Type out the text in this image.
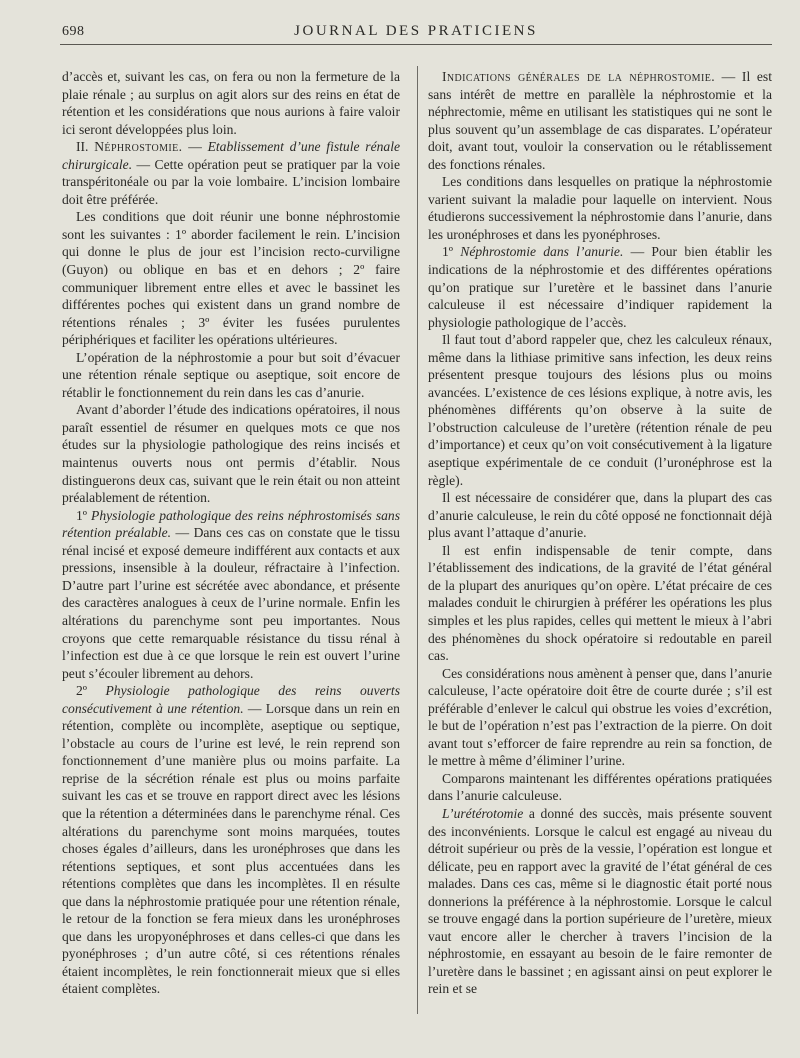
698	JOURNAL DES PRATICIENS

d’accès et, suivant les cas, on fera ou non la fermeture de la plaie rénale ; au surplus on agit alors sur des reins en état de rétention et les considérations que nous aurions à faire valoir ici seront développées plus loin.

II. Néphrostomie. — Etablissement d’une fistule rénale chirurgicale. — Cette opération peut se pratiquer par la voie transpéritonéale ou par la voie lombaire. L’incision lombaire doit être préférée.

Les conditions que doit réunir une bonne néphrostomie sont les suivantes : 1º aborder facilement le rein. L’incision qui donne le plus de jour est l’incision recto-curviligne (Guyon) ou oblique en bas et en dehors ; 2º faire communiquer librement entre elles et avec le bassinet les différentes poches qui existent dans un grand nombre de rétentions rénales ; 3º éviter les fusées purulentes périphériques et faciliter les opérations ultérieures.

L’opération de la néphrostomie a pour but soit d’évacuer une rétention rénale septique ou aseptique, soit encore de rétablir le fonctionnement du rein dans les cas d’anurie.

Avant d’aborder l’étude des indications opératoires, il nous paraît essentiel de résumer en quelques mots ce que nos études sur la physiologie pathologique des reins incisés et maintenus ouverts nous ont permis d’établir. Nous distinguerons deux cas, suivant que le rein était ou non atteint préalablement de rétention.

1º Physiologie pathologique des reins néphrostomisés sans rétention préalable. — Dans ces cas on constate que le tissu rénal incisé et exposé demeure indifférent aux contacts et aux pressions, insensible à la douleur, réfractaire à l’infection. D’autre part l’urine est sécrétée avec abondance, et présente des caractères analogues à ceux de l’urine normale. Enfin les altérations du parenchyme sont peu importantes. Nous croyons que cette remarquable résistance du tissu rénal à l’infection est due à ce que lorsque le rein est ouvert l’urine peut s’écouler librement au dehors.

2º Physiologie pathologique des reins ouverts consécutivement à une rétention. — Lorsque dans un rein en rétention, complète ou incomplète, aseptique ou septique, l’obstacle au cours de l’urine est levé, le rein reprend son fonctionnement d’une manière plus ou moins parfaite. La reprise de la sécrétion rénale est plus ou moins parfaite suivant les cas et se trouve en rapport direct avec les lésions que la rétention a déterminées dans le parenchyme rénal. Ces altérations du parenchyme sont moins marquées, toutes choses égales d’ailleurs, dans les uronéphroses que dans les rétentions septiques, et sont plus accentuées dans les rétentions complètes que dans les incomplètes. Il en résulte que dans la néphrostomie pratiquée pour une rétention rénale, le retour de la fonction se fera mieux dans les uronéphroses que dans les uropyonéphroses et dans celles-ci que dans les pyonéphroses ; d’un autre côté, si ces rétentions rénales étaient incomplètes, le rein fonctionnerait mieux que si elles étaient complètes.

Indications générales de la néphrostomie. — Il est sans intérêt de mettre en parallèle la néphrostomie et la néphrectomie, même en utilisant les statistiques qui ne sont le plus souvent qu’un assemblage de cas disparates. L’opérateur doit, avant tout, vouloir la conservation ou le rétablissement des fonctions rénales.

Les conditions dans lesquelles on pratique la néphrostomie varient suivant la maladie pour laquelle on intervient. Nous étudierons successivement la néphrostomie dans l’anurie, dans les uronéphroses et dans les pyonéphroses.

1º Néphrostomie dans l’anurie. — Pour bien établir les indications de la néphrostomie et des différentes opérations qu’on pratique sur l’uretère et le bassinet dans l’anurie calculeuse il est nécessaire d’indiquer rapidement la physiologie pathologique de l’accès.

Il faut tout d’abord rappeler que, chez les calculeux rénaux, même dans la lithiase primitive sans infection, les deux reins présentent presque toujours des lésions plus ou moins avancées. L’existence de ces lésions explique, à notre avis, les phénomènes différents qu’on observe à la suite de l’obstruction calculeuse de l’uretère (rétention rénale de peu d’importance) et ceux qu’on voit consécutivement à la ligature aseptique expérimentale de ce conduit (l’uronéphrose est la règle).

Il est nécessaire de considérer que, dans la plupart des cas d’anurie calculeuse, le rein du côté opposé ne fonctionnait déjà plus avant l’attaque d’anurie.

Il est enfin indispensable de tenir compte, dans l’établissement des indications, de la gravité de l’état général de la plupart des anuriques qu’on opère. L’état précaire de ces malades conduit le chirurgien à préférer les opérations les plus simples et les plus rapides, celles qui mettent le mieux à l’abri des phénomènes du shock opératoire si redoutable en pareil cas.

Ces considérations nous amènent à penser que, dans l’anurie calculeuse, l’acte opératoire doit être de courte durée ; s’il est préférable d’enlever le calcul qui obstrue les voies d’excrétion, le but de l’opération n’est pas l’extraction de la pierre. On doit avant tout s’efforcer de faire reprendre au rein sa fonction, de le mettre à même d’éliminer l’urine.

Comparons maintenant les différentes opérations pratiquées dans l’anurie calculeuse.

L’urétérotomie a donné des succès, mais présente souvent des inconvénients. Lorsque le calcul est engagé au niveau du détroit supérieur ou près de la vessie, l’opération est longue et délicate, peu en rapport avec la gravité de l’état général de ces malades. Dans ces cas, même si le diagnostic était porté nous donnerions la préférence à la néphrostomie. Lorsque le calcul se trouve engagé dans la portion supérieure de l’uretère, mieux vaut encore aller le chercher à travers l’incision de la néphrostomie, en essayant au besoin de le faire remonter de l’uretère dans le bassinet ; en agissant ainsi on peut explorer le rein et se
